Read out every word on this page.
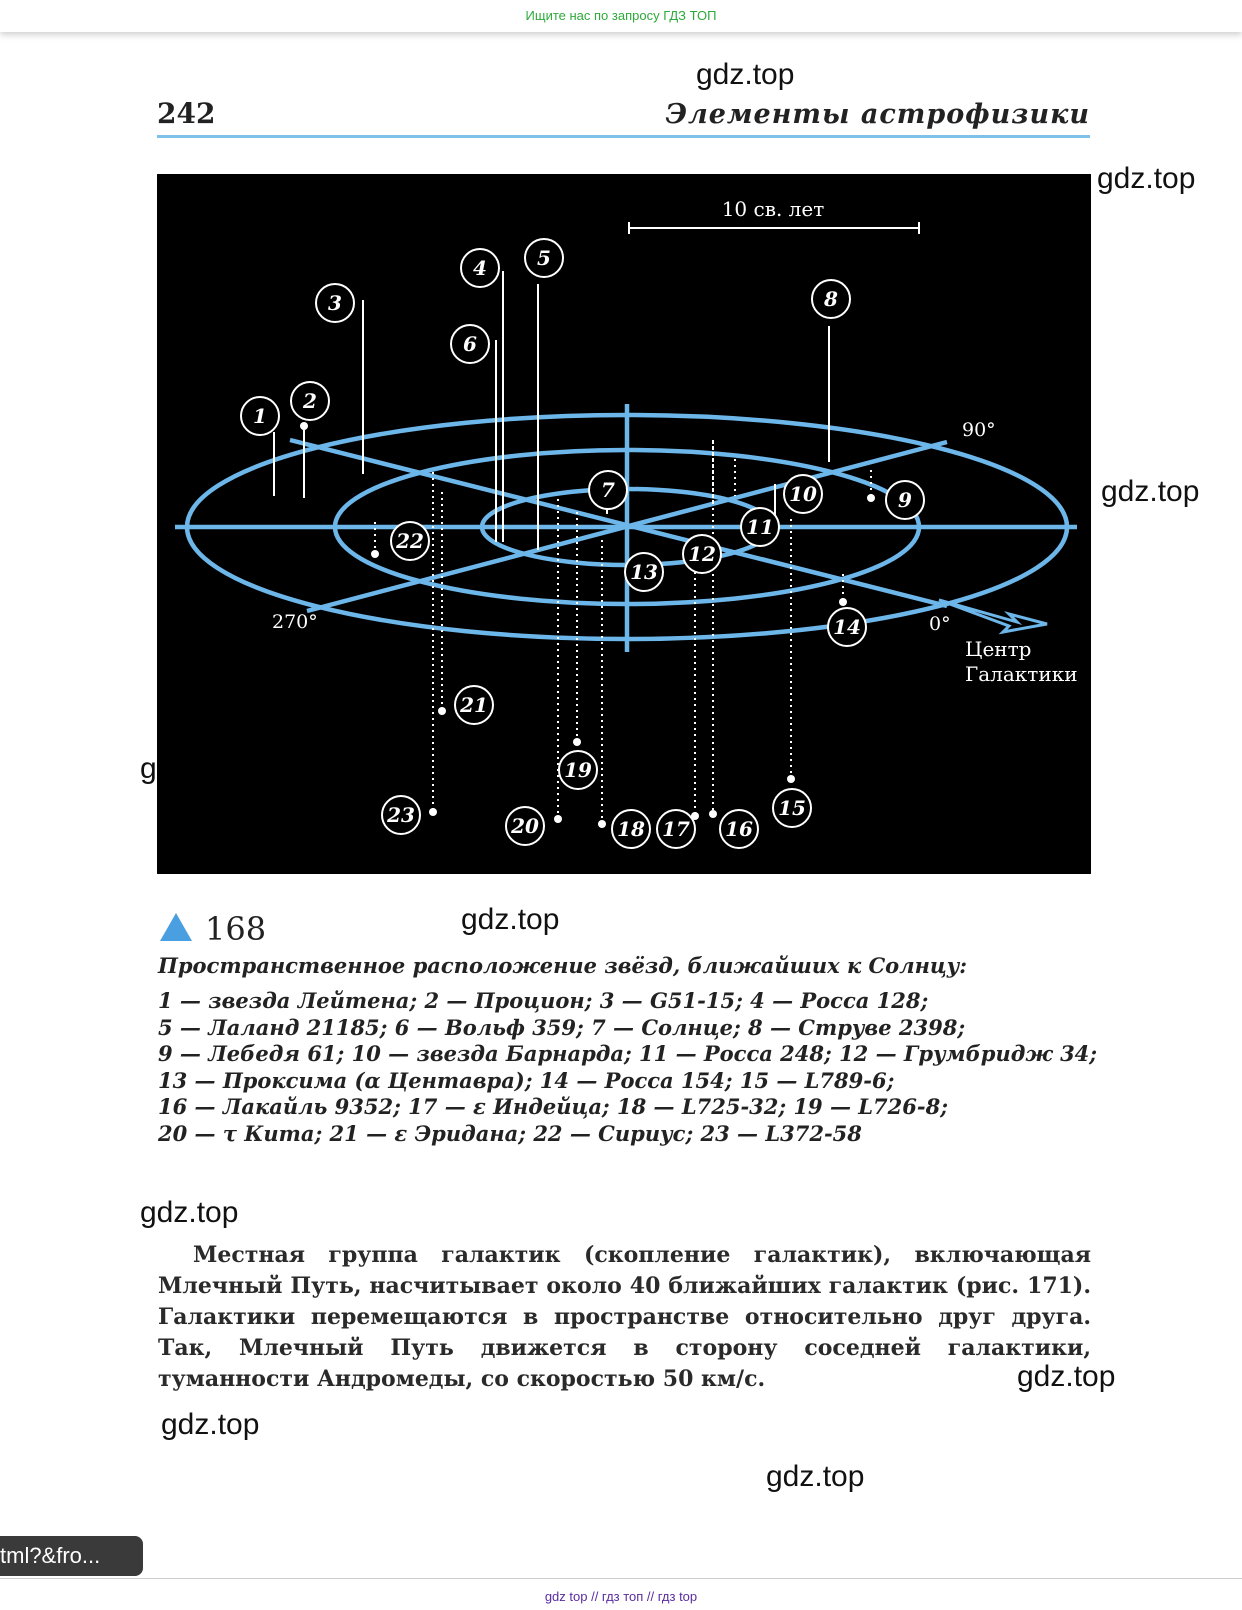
Ищите нас по запросу ГДЗ ТОП
gdz.top
gdz.top
gdz.top
g
gdz.top
gdz.top
gdz.top
gdz.top
gdz.top
242	Элементы астрофизики
10 св. лет
90°
270°	0°
Центр
Галактики
1
2
3
4	5
6
7
8
9
10
11
12
13
14
15
16
17
18
19
20
21
22
23
168
Пространственное расположение звёзд, ближайших к Солнцу:
1 — звезда Лейтена; 2 — Процион; 3 — G51-15; 4 — Росса 128;
5 — Лаланд 21185; 6 — Вольф 359; 7 — Солнце; 8 — Струве 2398;
9 — Лебедя 61; 10 — звезда Барнарда; 11 — Росса 248; 12 — Грумбридж 34;
13 — Проксима (α Центавра); 14 — Росса 154; 15 — L789-6;
16 — Лакайль 9352; 17 — ε Индейца; 18 — L725-32; 19 — L726-8;
20 — τ Кита; 21 — ε Эридана; 22 — Сириус; 23 — L372-58

Местная группа галактик (скопление галактик), включающая Млечный Путь, насчитывает около 40 ближайших галактик (рис. 171). Галактики перемещаются в пространстве относительно друг друга. Так, Млечный Путь движется в сторону соседней галактики, туманности Андромеды, со скоростью 50 км/с.

tml?&fro...
gdz top // гдз топ // гдз top
